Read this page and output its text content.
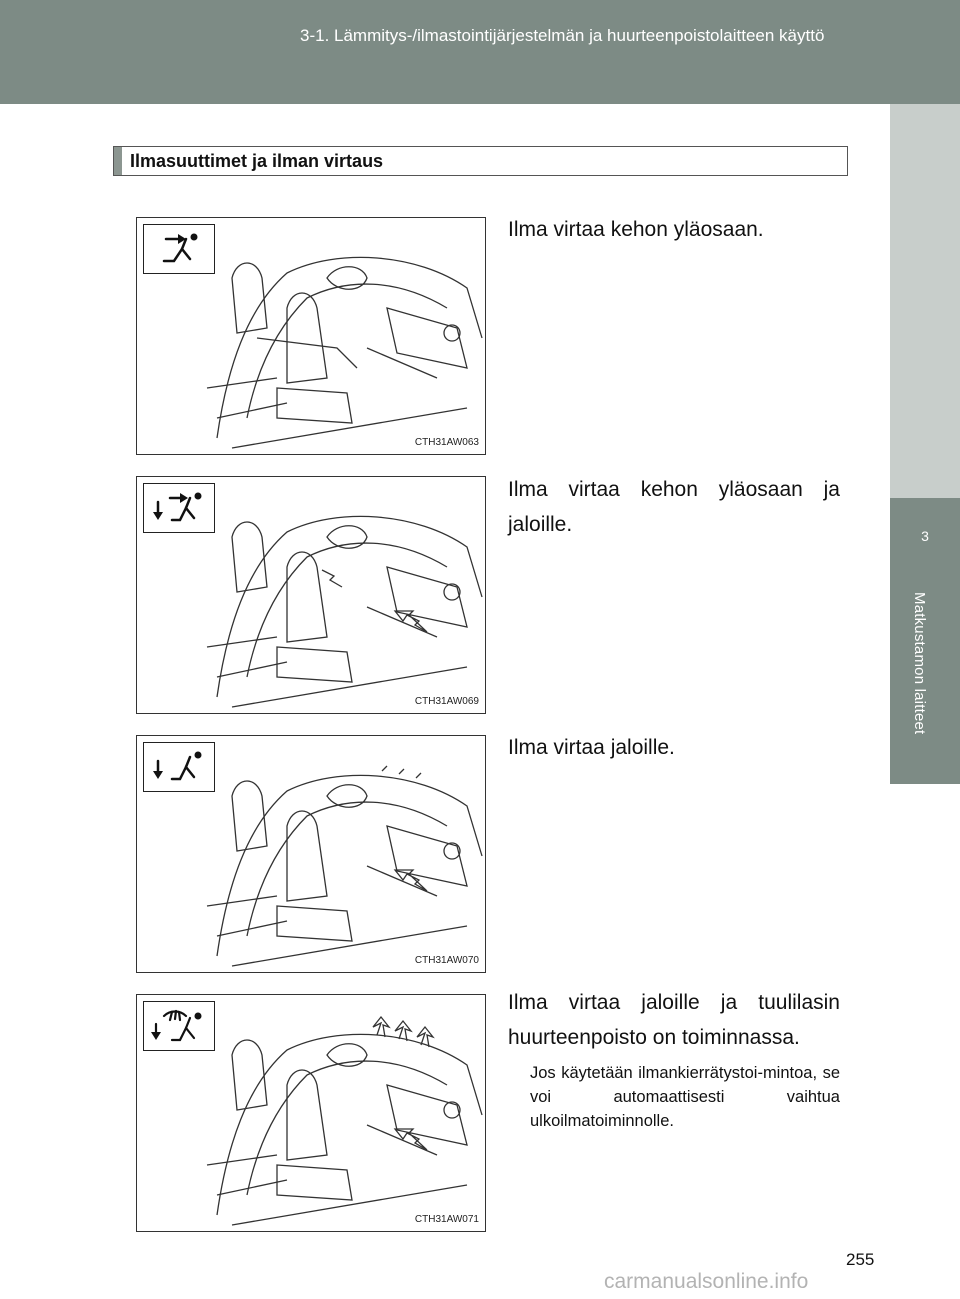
3-1. Lämmitys-/ilmastointijärjestelmän ja huurteenpoistolaitteen käyttö
3
Matkustamon laitteet
Ilmasuuttimet ja ilman virtaus
CTH31AW063
Ilma virtaa kehon yläosaan.
CTH31AW069
Ilma virtaa kehon yläosaan ja jaloille.
CTH31AW070
Ilma virtaa jaloille.
CTH31AW071
Ilma virtaa jaloille ja tuulilasin huurteenpoisto on toiminnassa.
Jos käytetään ilmankierrätystoi-mintoa, se voi automaattisesti vaihtua ulkoilmatoiminnolle.
255
carmanualsonline.info
